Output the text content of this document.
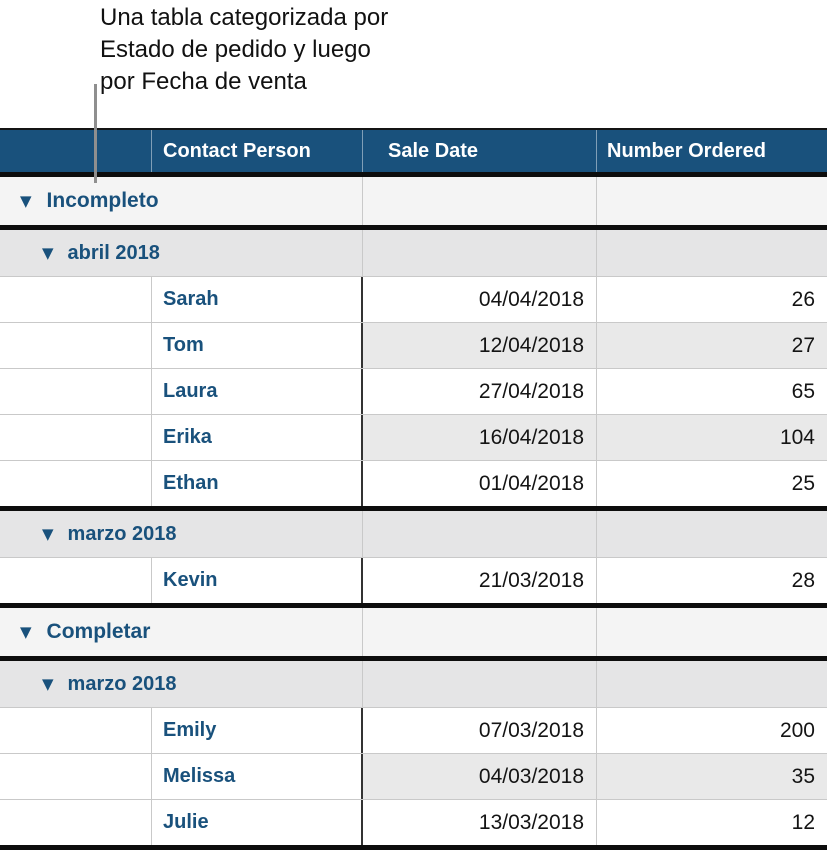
Una tabla categorizada por
Estado de pedido y luego
por Fecha de venta
Contact Person	Sale Date	Number Ordered
▼ Incompleto
▼ abril 2018
Sarah	04/04/2018	26
Tom	12/04/2018	27
Laura	27/04/2018	65
Erika	16/04/2018	104
Ethan	01/04/2018	25
▼ marzo 2018
Kevin	21/03/2018	28
▼ Completar
▼ marzo 2018
Emily	07/03/2018	200
Melissa	04/03/2018	35
Julie	13/03/2018	12
